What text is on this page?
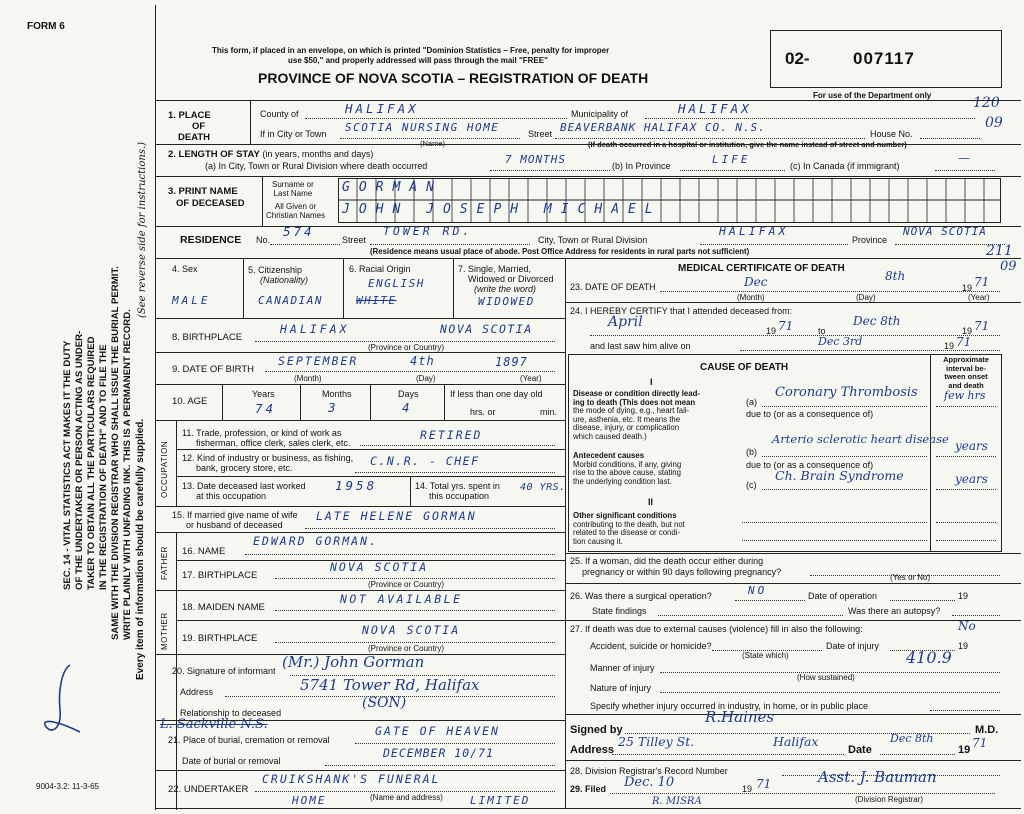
FORM 6
SEC. 14 - VITAL STATISTICS ACT MAKES IT THE DUTY OF THE UNDERTAKER OR PERSON ACTING AS UNDER- TAKER TO OBTAIN ALL THE PARTICULARS REQUIRED IN THE REGISTRATION OF DEATH" AND TO FILE THE SAME WITH THE DIVISION REGISTRAR WHO SHALL ISSUE THE BURIAL PERMIT. WRITE PLAINLY WITH UNFADING INK. THIS IS A PERMANENT RECORD. Every item of information should be carefully supplied.
(See reverse side for instructions.)
9004-3.2: 11-3-65
This form, if placed in an envelope, on which is printed "Dominion Statistics – Free, penalty for improper
use $50," and properly addressed will pass through the mail "FREE"
PROVINCE OF NOVA SCOTIA – REGISTRATION OF DEATH
02-	007117
For use of the Department only	120
09
211
09
1. PLACE
OF
DEATH
County of	HALIFAX	Municipality of	HALIFAX
If in City or Town SCOTIA NURSING HOME	Street BEAVERBANK HALIFAX CO. N.S.	House No.
(Name)	(If death occurred in a hospital or institution, give the name instead of street and number)
2. LENGTH OF STAY (in years, months and days)
(a) In City, Town or Rural Division where death occurred	7 MONTHS	(b) In Province	LIFE	(c) In Canada (if immigrant)
—
3. PRINT NAME
OF DECEASED
Surname or
Last Name
All Given or
Christian Names
GORMAN
JOHN JOSEPH MICHAEL
RESIDENCE No.
574
Street
TOWER RD.
City, Town or Rural Division
HALIFAX
Province
NOVA SCOTIA
(Residence means usual place of abode. Post Office Address for residents in rural parts not sufficient)
4. Sex
MALE
5. Citizenship
(Nationality)
CANADIAN
6. Racial Origin
ENGLISH
WHITE
7. Single, Married,
Widowed or Divorced
(write the word)
WIDOWED
8. BIRTHPLACE
HALIFAX	NOVA SCOTIA
(Province or Country)
9. DATE OF BIRTH
SEPTEMBER	4th	1897
(Month)	(Day)	(Year)
10. AGE
Years
74
Months
3
Days
4
If less than one day old
hrs. or	min.
OCCUPATION
11. Trade, profession, or kind of work as
fisherman, office clerk, sales clerk, etc.
RETIRED
12. Kind of industry or business, as fishing,
bank, grocery store, etc.	C.N.R. - CHEF
13. Date deceased last worked
at this occupation
1958	14. Total yrs. spent in
this occupation
40 YRS.
15. If married give name of wife
or husband of deceased
LATE HELENE GORMAN
FATHER 16. NAME
EDWARD GORMAN.
17. BIRTHPLACE
NOVA SCOTIA
(Province or Country)
MOTHER
18. MAIDEN NAME
NOT AVAILABLE
19. BIRTHPLACE
NOVA SCOTIA
(Province or Country)
20. Signature of informant (Mr.) John Gorman
Address	5741 Tower Rd, Halifax
(SON)
Relationship to deceased
L. Sackville N.S.
21. Place of burial, cremation or removal
GATE OF HEAVEN
Date of burial or removal
DECEMBER 10/71
22. UNDERTAKER
CRUIKSHANK'S FUNERAL
HOME	(Name and address) LIMITED
MEDICAL CERTIFICATE OF DEATH
23. DATE OF DEATH	Dec	8th
19 71
(Month)	(Day)	(Year)
24. I HEREBY CERTIFY that I attended deceased from:
April
19 71	to
Dec 8th
19 71
and last saw him alive on	Dec 3rd	19 71
CAUSE OF DEATH
Approximate
interval be-
tween onset
and death
I
Disease or condition directly lead-
ing to death (This does not mean
the mode of dying, e.g., heart fail-
ure, asthenia, etc. It means the
disease, injury, or complication
which caused death.)
(a)
Coronary Thrombosis few hrs
due to (or as a consequence of)
Antecedent causes
Morbid conditions, if any, giving
rise to the above cause, stating
the underlying condition last.
(b)
Arterio sclerotic heart disease years
due to (or as a consequence of)
(c)
Ch. Brain Syndrome	years
II
Other significant conditions
contributing to the death, but not
related to the disease or condi-
tion causing it.
25. If a woman, did the death occur either during
pregnancy or within 90 days following pregnancy?
(Yes or No)
26. Was there a surgical operation?	NO	Date of operation	19
State findings	Was there an autopsy?
27. If death was due to external causes (violence) fill in also the following:	No
Accident, suicide or homicide?	Date of injury	19
(State which)
Manner of injury
410.9
(How sustained)
Nature of injury
Specify whether injury occurred in industry, in home, or in public place
Signed by
R.Haines
M.D.
Address
25 Tilley St.	Halifax
Date
Dec 8th
19 71
28. Division Registrar's Record Number
29. Filed Dec. 10	19 71	Asst. J. Bauman
(Division Registrar)
R. MISRA
